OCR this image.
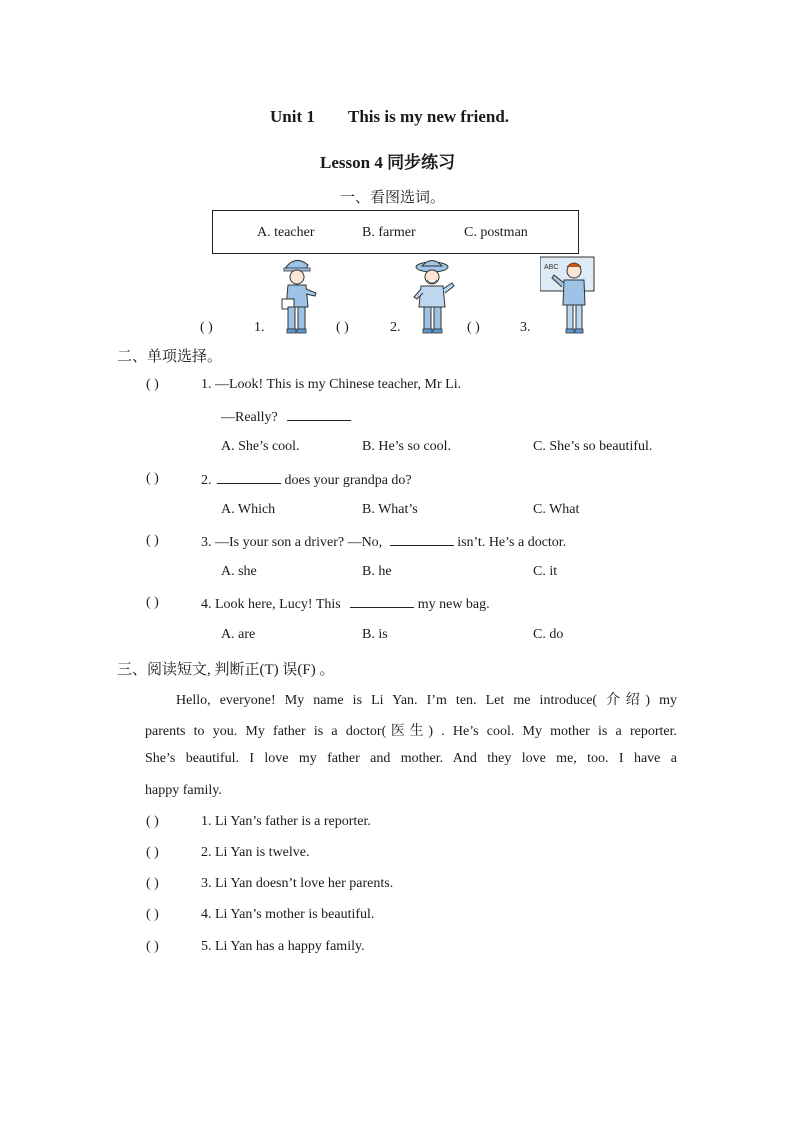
Unit 1 This is my new friend.
Lesson 4 同步练习
一、看图选词。
A. teacher	B. farmer	C. postman
ABC
( )	1.	( )	2.	( )	3.
二、单项选择。
( )	1. —Look! This is my Chinese teacher, Mr Li.
—Really?
A. She’s cool.	B. He’s so cool.	C. She’s so beautiful.
( )	2.	does your grandpa do?
A. Which	B. What’s	C. What
( )	3. —Is your son a driver? —No,	isn’t. He’s a doctor.
A. she	B. he	C. it
( )	4. Look here, Lucy! This	my new bag.
A. are	B. is	C. do
三、阅读短文, 判断正(T) 误(F) 。
Hello, everyone! My name is Li Yan. I’m ten. Let me introduce( 介绍) my
parents to you. My father is a doctor(医生) . He’s cool. My mother is a reporter.
She’s beautiful. I love my father and mother. And they love me, too. I have a
happy family.
( )	1. Li Yan’s father is a reporter.
( )	2. Li Yan is twelve.
( )	3. Li Yan doesn’t love her parents.
( )	4. Li Yan’s mother is beautiful.
( )	5. Li Yan has a happy family.
